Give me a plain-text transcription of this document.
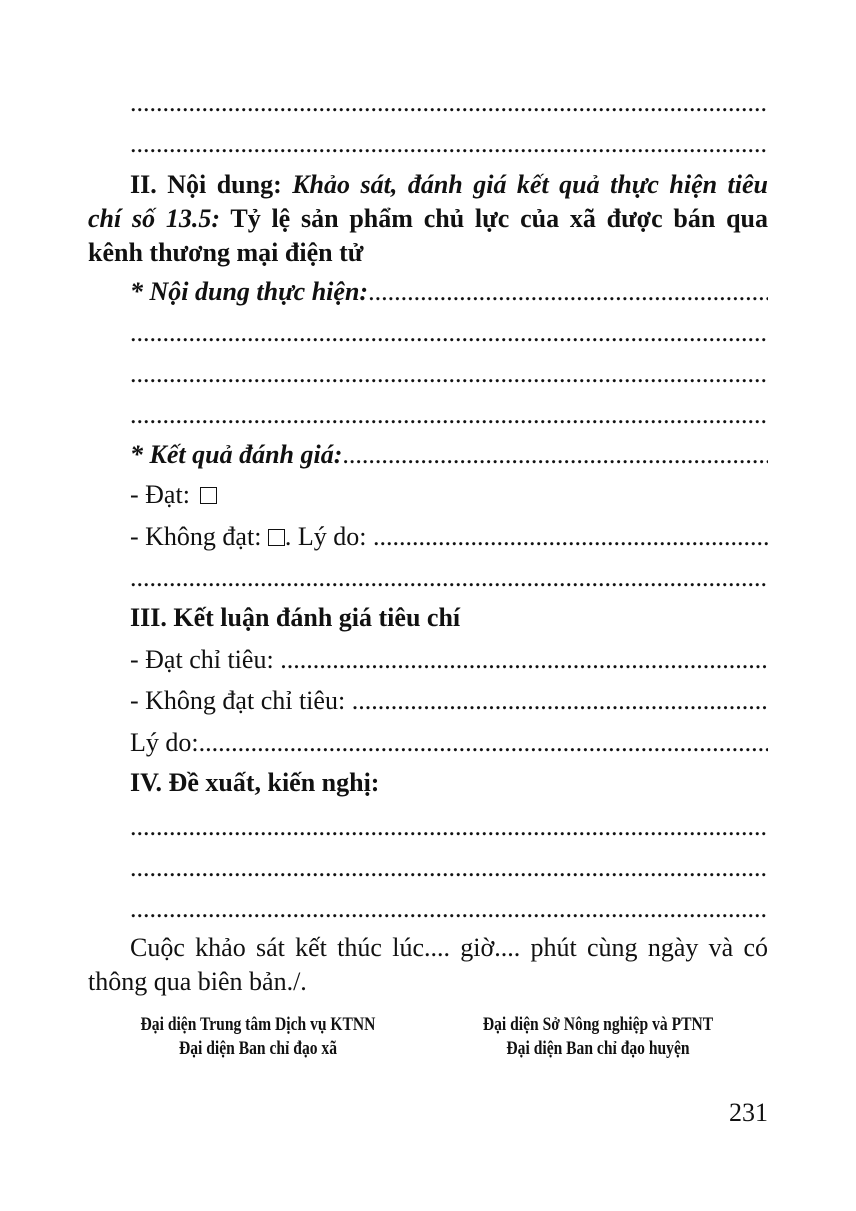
.....
.....
II. Nội dung: Khảo sát, đánh giá kết quả thực hiện tiêu
chí số 13.5: Tỷ lệ sản phẩm chủ lực của xã được bán qua
kênh thương mại điện tử
* Nội dung thực hiện: .....
.....
.....
.....
* Kết quả đánh giá: .....
- Đạt:
- Không đạt: . Lý do: .....
.....
III. Kết luận đánh giá tiêu chí
- Đạt chỉ tiêu: .....
- Không đạt chỉ tiêu: .....
Lý do: .....
IV. Đề xuất, kiến nghị:
.....
.....
.....
Cuộc khảo sát kết thúc lúc.... giờ.... phút cùng ngày và có
thông qua biên bản./.
Đại diện Trung tâm Dịch vụ KTNN
Đại diện Ban chỉ đạo xã
Đại diện Sở Nông nghiệp và PTNT
Đại diện Ban chỉ đạo huyện
231
